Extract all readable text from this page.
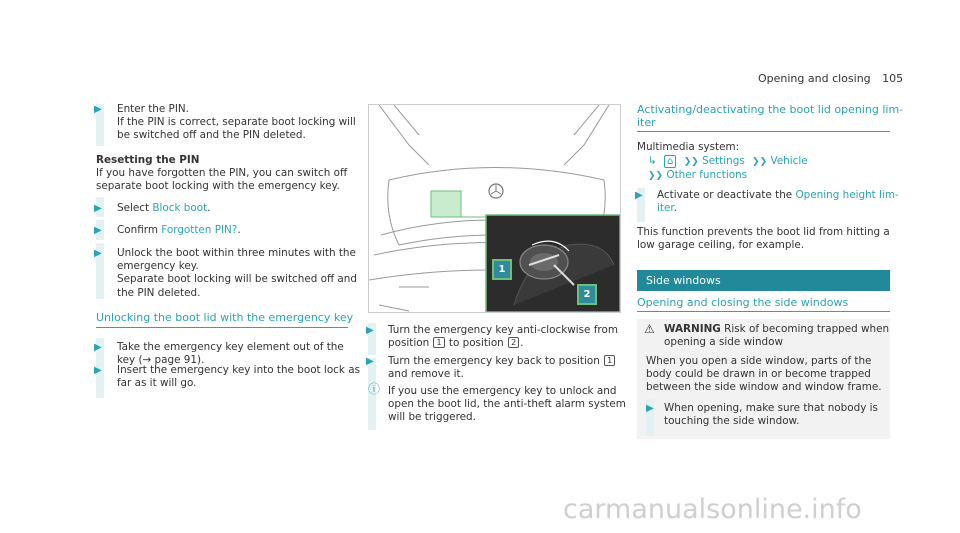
Opening and closing 105
▶ Enter the PIN.
If the PIN is correct, separate boot locking will
be switched off and the PIN deleted.
Resetting the PIN
If you have forgotten the PIN, you can switch off
separate boot locking with the emergency key.
▶ Select Block boot.
▶ Confirm Forgotten PIN?.
▶ Unlock the boot within three minutes with the
emergency key.
Separate boot locking will be switched off and
the PIN deleted.
Unlocking the boot lid with the emergency key
▶ Take the emergency key element out of the
key (→ page 91).
▶ Insert the emergency key into the boot lock as
far as it will go.
1
2
▶ Turn the emergency key anti-clockwise from
position 1 to position 2 .
▶ Turn the emergency key back to position 1
and remove it.
ⓘ If you use the emergency key to unlock and
open the boot lid, the anti-theft alarm system
will be triggered.
Activating/deactivating the boot lid opening lim-
iter
Multimedia system:
↳ ⌂ ❯❯ Settings ❯❯ Vehicle
❯❯ Other functions
▶ Activate or deactivate the Opening height lim-
iter.
This function prevents the boot lid from hitting a
low garage ceiling, for example.
Side windows
Opening and closing the side windows
⚠ WARNING Risk of becoming trapped when
opening a side window
When you open a side window, parts of the
body could be drawn in or become trapped
between the side window and window frame.
▶ When opening, make sure that nobody is
touching the side window.
carmanualsonline.info
